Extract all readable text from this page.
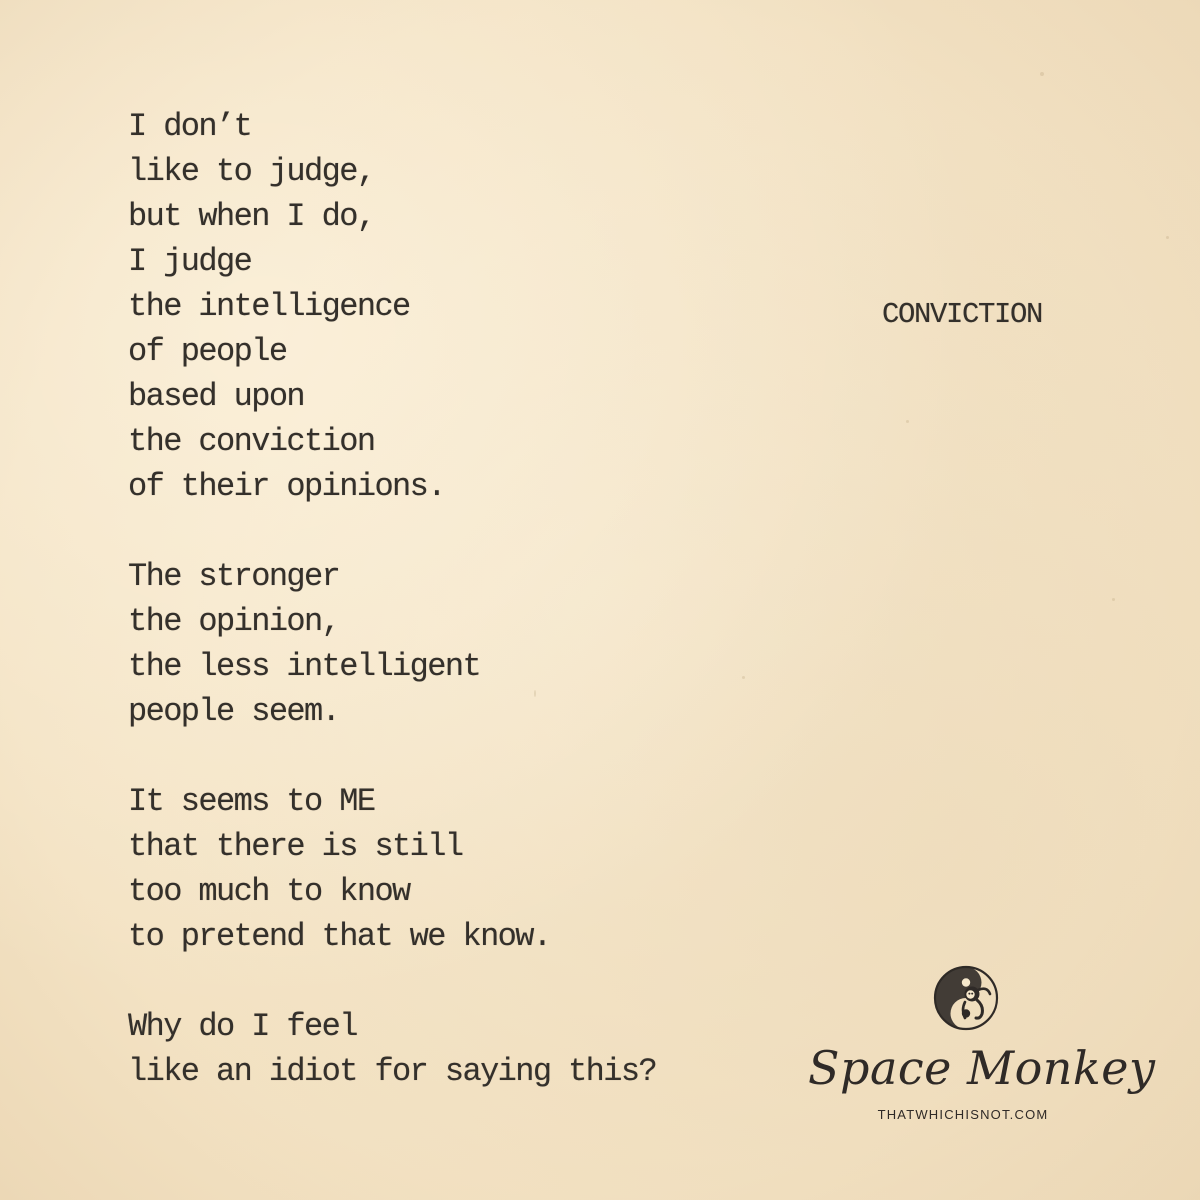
I don’t
like to judge,
but when I do,
I judge
the intelligence
of people
based upon
the conviction
of their opinions.
The stronger
the opinion,
the less intelligent
people seem.
It seems to ME
that there is still
too much to know
to pretend that we know.
Why do I feel
like an idiot for saying this?
CONVICTION
Space Monkey
THATWHICHISNOT.COM
